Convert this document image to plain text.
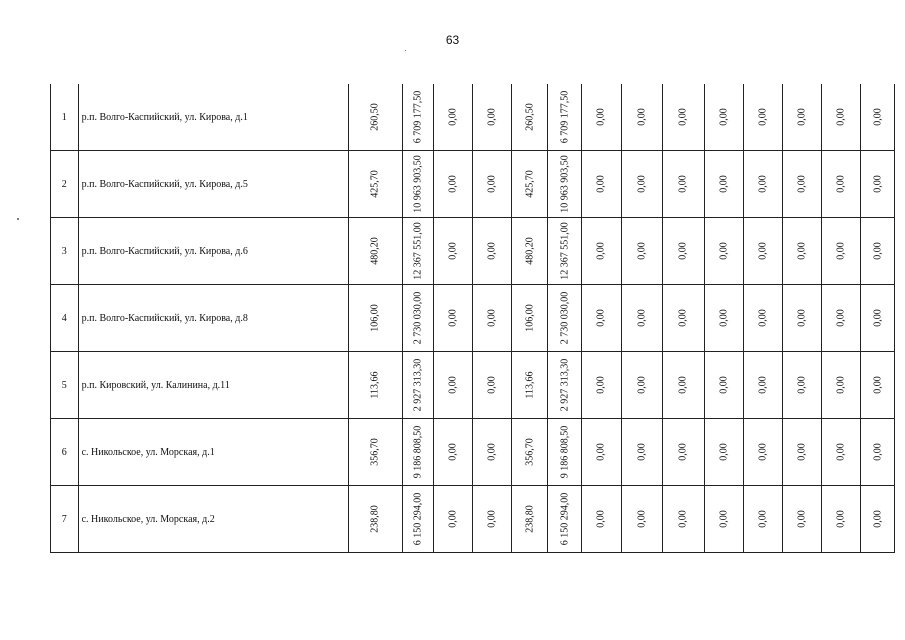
63
1	р.п. Волго-Каспийский, ул. Кирова, д.1	260,50	6 709 177,50	0,00	0,00	260,50	6 709 177,50	0,00	0,00	0,00	0,00	0,00	0,00	0,00	0,00

2	р.п. Волго-Каспийский, ул. Кирова, д.5	425,70	10 963 903,50	0,00	0,00	425,70	10 963 903,50	0,00	0,00	0,00	0,00	0,00	0,00	0,00	0,00

3	р.п. Волго-Каспийский, ул. Кирова, д.6	480,20	12 367 551,00	0,00	0,00	480,20	12 367 551,00	0,00	0,00	0,00	0,00	0,00	0,00	0,00	0,00

4	р.п. Волго-Каспийский, ул. Кирова, д.8	106,00	2 730 030,00	0,00	0,00	106,00	2 730 030,00	0,00	0,00	0,00	0,00	0,00	0,00	0,00	0,00

5	р.п. Кировский, ул. Калинина, д.11	113,66	2 927 313,30	0,00	0,00	113,66	2 927 313,30	0,00	0,00	0,00	0,00	0,00	0,00	0,00	0,00

6	с. Никольское, ул. Морская, д.1	356,70	9 186 808,50	0,00	0,00	356,70	9 186 808,50	0,00	0,00	0,00	0,00	0,00	0,00	0,00	0,00

7	с. Никольское, ул. Морская, д.2	238,80	6 150 294,00	0,00	0,00	238,80	6 150 294,00	0,00	0,00	0,00	0,00	0,00	0,00	0,00	0,00
